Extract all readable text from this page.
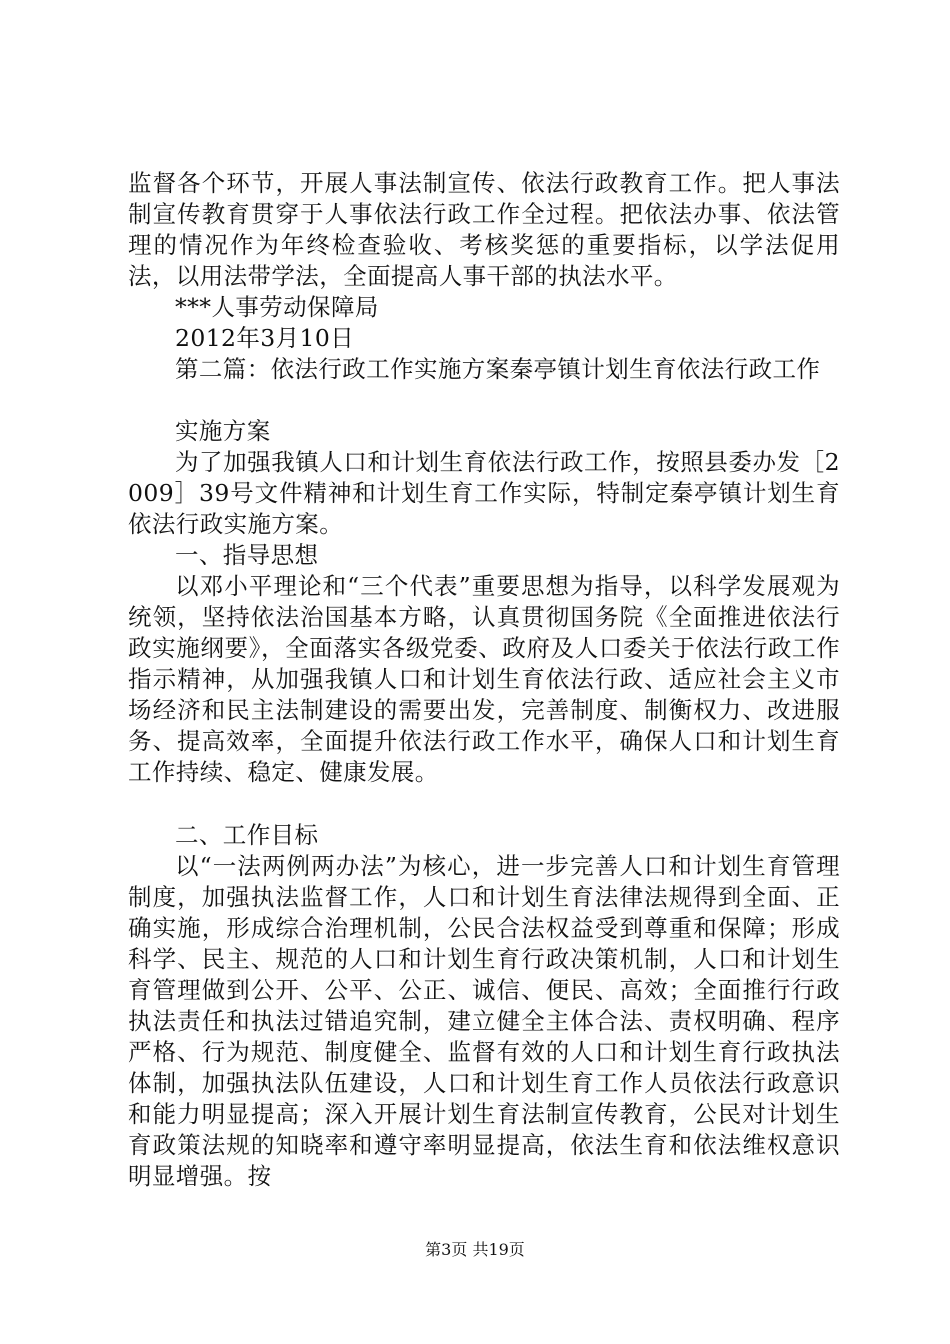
监督各个环节，开展人事法制宣传、依法行政教育工作。把人事法制宣传教育贯穿于人事依法行政工作全过程。把依法办事、依法管理的情况作为年终检查验收、考核奖惩的重要指标，以学法促用法，以用法带学法，全面提高人事干部的执法水平。

***人事劳动保障局

2012年3月10日

第二篇：依法行政工作实施方案秦亭镇计划生育依法行政工作

实施方案

为了加强我镇人口和计划生育依法行政工作，按照县委办发［2009］39号文件精神和计划生育工作实际，特制定秦亭镇计划生育依法行政实施方案。

一、指导思想

以邓小平理论和“三个代表”重要思想为指导，以科学发展观为统领，坚持依法治国基本方略，认真贯彻国务院《全面推进依法行政实施纲要》，全面落实各级党委、政府及人口委关于依法行政工作指示精神，从加强我镇人口和计划生育依法行政、适应社会主义市场经济和民主法制建设的需要出发，完善制度、制衡权力、改进服务、提高效率，全面提升依法行政工作水平，确保人口和计划生育工作持续、稳定、健康发展。

二、工作目标

以“一法两例两办法”为核心，进一步完善人口和计划生育管理制度，加强执法监督工作，人口和计划生育法律法规得到全面、正确实施，形成综合治理机制，公民合法权益受到尊重和保障；形成科学、民主、规范的人口和计划生育行政决策机制，人口和计划生育管理做到公开、公平、公正、诚信、便民、高效；全面推行行政执法责任和执法过错追究制，建立健全主体合法、责权明确、程序严格、行为规范、制度健全、监督有效的人口和计划生育行政执法体制，加强执法队伍建设，人口和计划生育工作人员依法行政意识和能力明显提高；深入开展计划生育法制宣传教育，公民对计划生育政策法规的知晓率和遵守率明显提高，依法生育和依法维权意识明显增强。按

第3页 共19页
